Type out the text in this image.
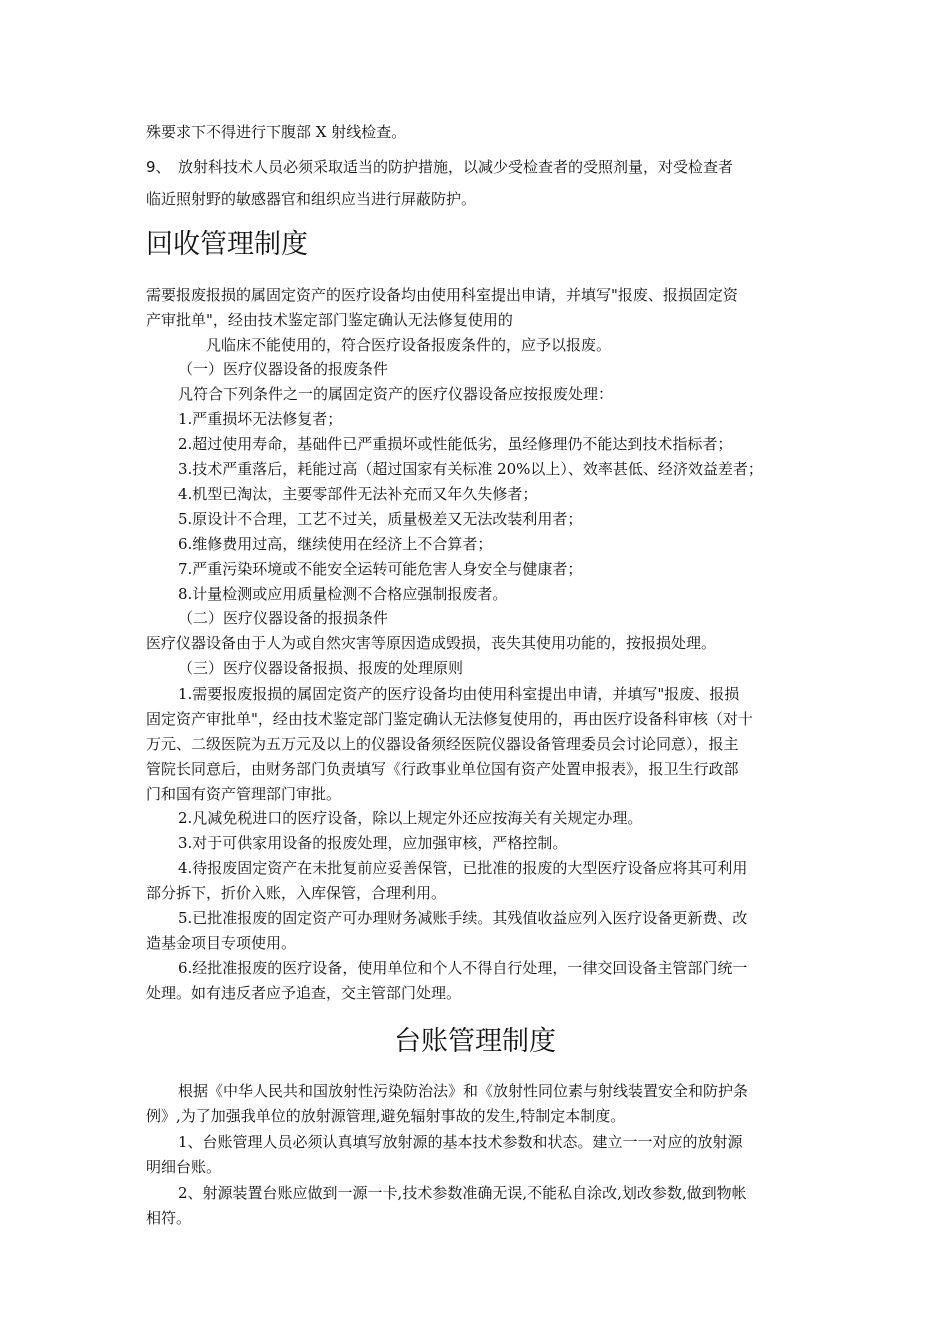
殊要求下不得进行下腹部 X 射线检查。
9、 放射科技术人员必须采取适当的防护措施，以减少受检查者的受照剂量，对受检查者
临近照射野的敏感器官和组织应当进行屏蔽防护。
回收管理制度
需要报废报损的属固定资产的医疗设备均由使用科室提出申请，并填写"报废、报损固定资
产审批单"，经由技术鉴定部门鉴定确认无法修复使用的
凡临床不能使用的，符合医疗设备报废条件的，应予以报废。
（一）医疗仪器设备的报废条件
凡符合下列条件之一的属固定资产的医疗仪器设备应按报废处理：
1.严重损坏无法修复者；
2.超过使用寿命，基础件已严重损坏或性能低劣，虽经修理仍不能达到技术指标者；
3.技术严重落后，耗能过高（超过国家有关标准 20%以上）、效率甚低、经济效益差者；
4.机型已淘汰，主要零部件无法补充而又年久失修者；
5.原设计不合理，工艺不过关，质量极差又无法改装利用者；
6.维修费用过高，继续使用在经济上不合算者；
7.严重污染环境或不能安全运转可能危害人身安全与健康者；
8.计量检测或应用质量检测不合格应强制报废者。
（二）医疗仪器设备的报损条件
医疗仪器设备由于人为或自然灾害等原因造成毁损，丧失其使用功能的，按报损处理。
（三）医疗仪器设备报损、报废的处理原则
1.需要报废报损的属固定资产的医疗设备均由使用科室提出申请，并填写"报废、报损
固定资产审批单"，经由技术鉴定部门鉴定确认无法修复使用的，再由医疗设备科审核（对十
万元、二级医院为五万元及以上的仪器设备须经医院仪器设备管理委员会讨论同意），报主
管院长同意后，由财务部门负责填写《行政事业单位国有资产处置申报表》，报卫生行政部
门和国有资产管理部门审批。
2.凡减免税进口的医疗设备，除以上规定外还应按海关有关规定办理。
3.对于可供家用设备的报废处理，应加强审核，严格控制。
4.待报废固定资产在未批复前应妥善保管，已批准的报废的大型医疗设备应将其可利用
部分拆下，折价入账，入库保管，合理利用。
5.已批准报废的固定资产可办理财务减账手续。其残值收益应列入医疗设备更新费、改
造基金项目专项使用。
6.经批准报废的医疗设备，使用单位和个人不得自行处理，一律交回设备主管部门统一
处理。如有违反者应予追查，交主管部门处理。
台账管理制度
根据《中华人民共和国放射性污染防治法》和《放射性同位素与射线装置安全和防护条
例》,为了加强我单位的放射源管理,避免辐射事故的发生,特制定本制度。
1、台账管理人员必须认真填写放射源的基本技术参数和状态。建立一一对应的放射源
明细台账。
2、射源装置台账应做到一源一卡,技术参数准确无误,不能私自涂改,划改参数,做到物帐
相符。
